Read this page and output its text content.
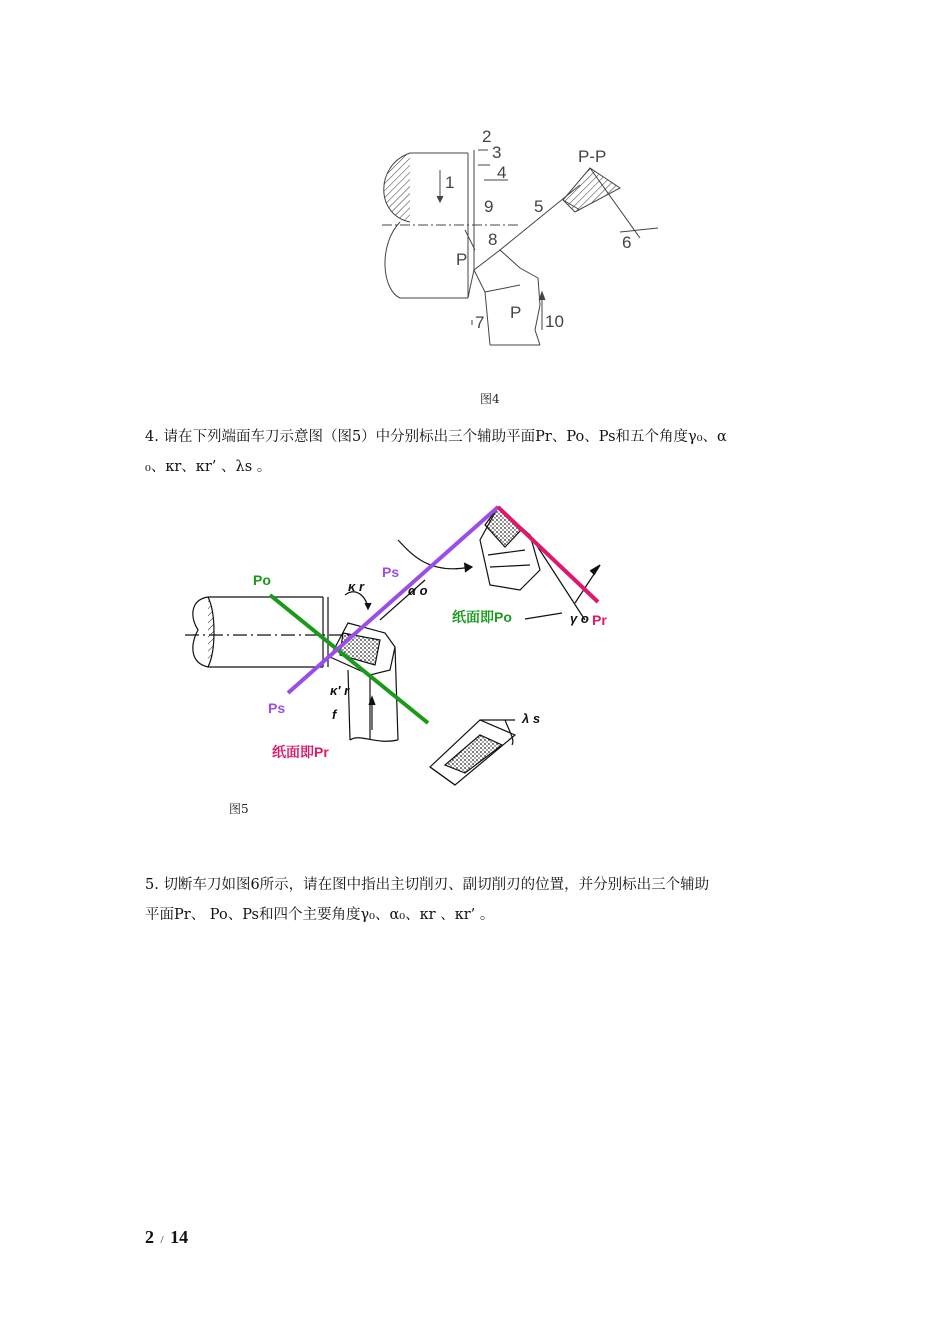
1
2
3
4
5
6
7
8
9
10
P-P
P
P
图4
4. 请在下列端面车刀示意图（图5）中分别标出三个辅助平面Pr、Po、Ps和五个角度γ₀、α
₀、κr、κr’ 、λs 。
Po	Ps
Ps
Pr
纸面即Po
纸面即Pr
κ r
κ′ r
α o
γ o
λ s
f
图5
5. 切断车刀如图6所示，请在图中指出主切削刃、副切削刃的位置，并分别标出三个辅助
平面Pr、 Po、Ps和四个主要角度γ₀、α₀、κr 、κr’ 。
2 / 14
